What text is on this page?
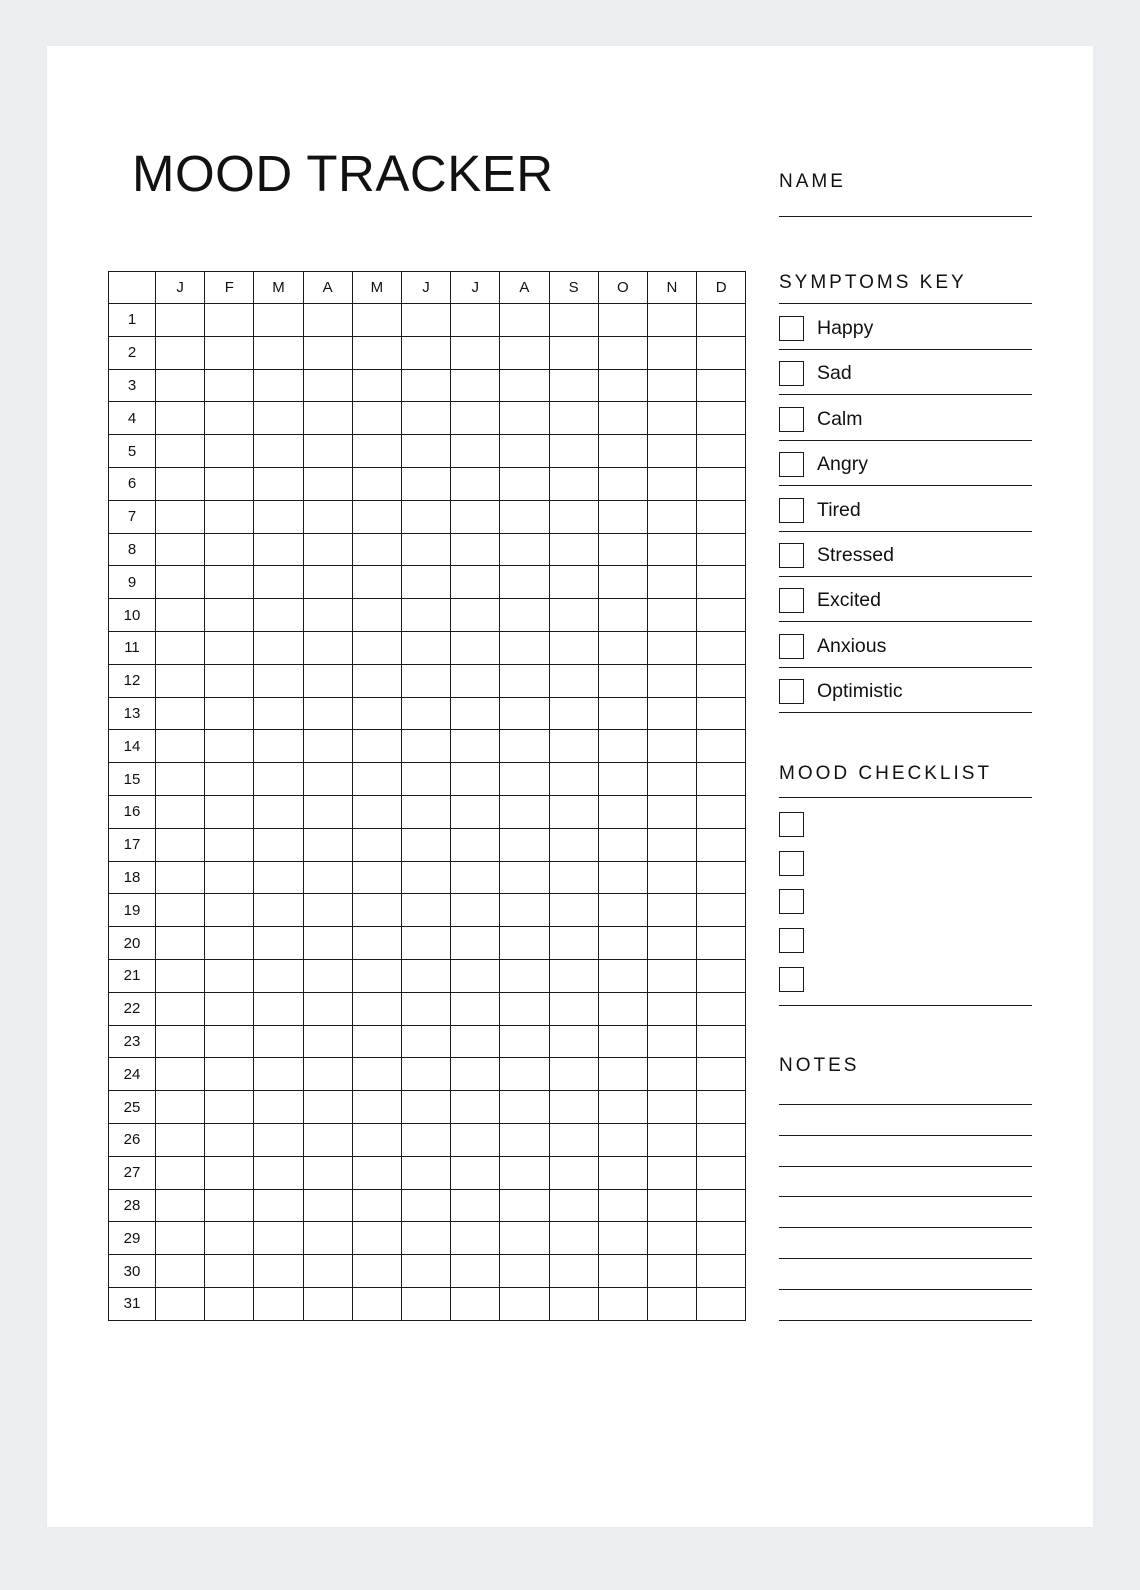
MOOD TRACKER
	J	F	M	A	M	J	J	A	S	O	N	D
1												
2												
3												
4												
5												
6												
7												
8												
9												
10												
11												
12												
13												
14												
15												
16												
17												
18												
19												
20												
21												
22												
23												
24												
25												
26												
27												
28												
29												
30												
31												
NAME
SYMPTOMS KEY
Happy
Sad
Calm
Angry
Tired
Stressed
Excited
Anxious
Optimistic
MOOD CHECKLIST
NOTES
